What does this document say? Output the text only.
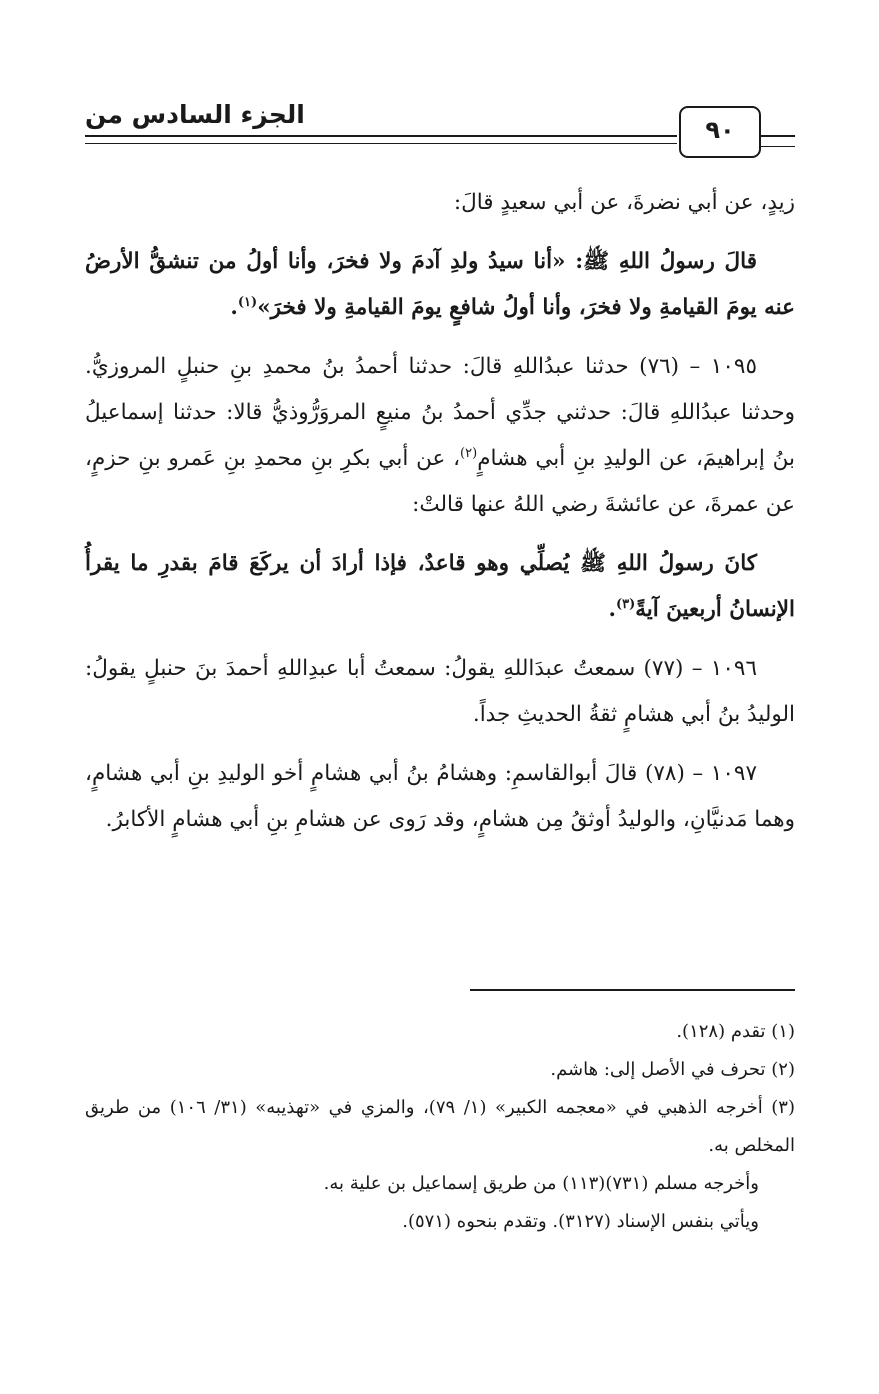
الجزء السادس من
٩٠

زيدٍ، عن أبي نضرةَ، عن أبي سعيدٍ قالَ:

قالَ رسولُ اللهِ ﷺ: «أنا سيدُ ولدِ آدمَ ولا فخرَ، وأنا أولُ من تنشقُّ الأرضُ عنه يومَ القيامةِ ولا فخرَ، وأنا أولُ شافعٍ يومَ القيامةِ ولا فخرَ»$^{(١)}$.

١٠٩٥ – (٧٦) حدثنا عبدُاللهِ قالَ: حدثنا أحمدُ بنُ محمدِ بنِ حنبلٍ المروزيُّ. وحدثنا عبدُاللهِ قالَ: حدثني جدِّي أحمدُ بنُ منيعٍ المروَرُّوذيُّ قالا: حدثنا إسماعيلُ بنُ إبراهيمَ، عن الوليدِ بنِ أبي هشامٍ$^{(٢)}$، عن أبي بكرِ بنِ محمدِ بنِ عَمرو بنِ حزمٍ، عن عمرةَ، عن عائشةَ رضي اللهُ عنها قالتْ:

كانَ رسولُ اللهِ ﷺ يُصلِّي وهو قاعدٌ، فإذا أرادَ أن يركَعَ قامَ بقدرِ ما يقرأُ الإنسانُ أربعينَ آيةً$^{(٣)}$.

١٠٩٦ – (٧٧) سمعتُ عبدَاللهِ يقولُ: سمعتُ أبا عبدِاللهِ أحمدَ بنَ حنبلٍ يقولُ: الوليدُ بنُ أبي هشامٍ ثقةُ الحديثِ جداً.

١٠٩٧ – (٧٨) قالَ أبوالقاسمِ: وهشامُ بنُ أبي هشامٍ أخو الوليدِ بنِ أبي هشامٍ، وهما مَدنيَّانِ، والوليدُ أوثقُ مِن هشامٍ، وقد رَوى عن هشامِ بنِ أبي هشامٍ الأكابرُ.

(١) تقدم (١٢٨).

(٢) تحرف في الأصل إلى: هاشم.

(٣) أخرجه الذهبي في «معجمه الكبير» (١/ ٧٩)، والمزي في «تهذيبه» (٣١/ ١٠٦) من طريق المخلص به.

وأخرجه مسلم (٧٣١)(١١٣) من طريق إسماعيل بن علية به.

ويأتي بنفس الإسناد (٣١٢٧). وتقدم بنحوه (٥٧١).
